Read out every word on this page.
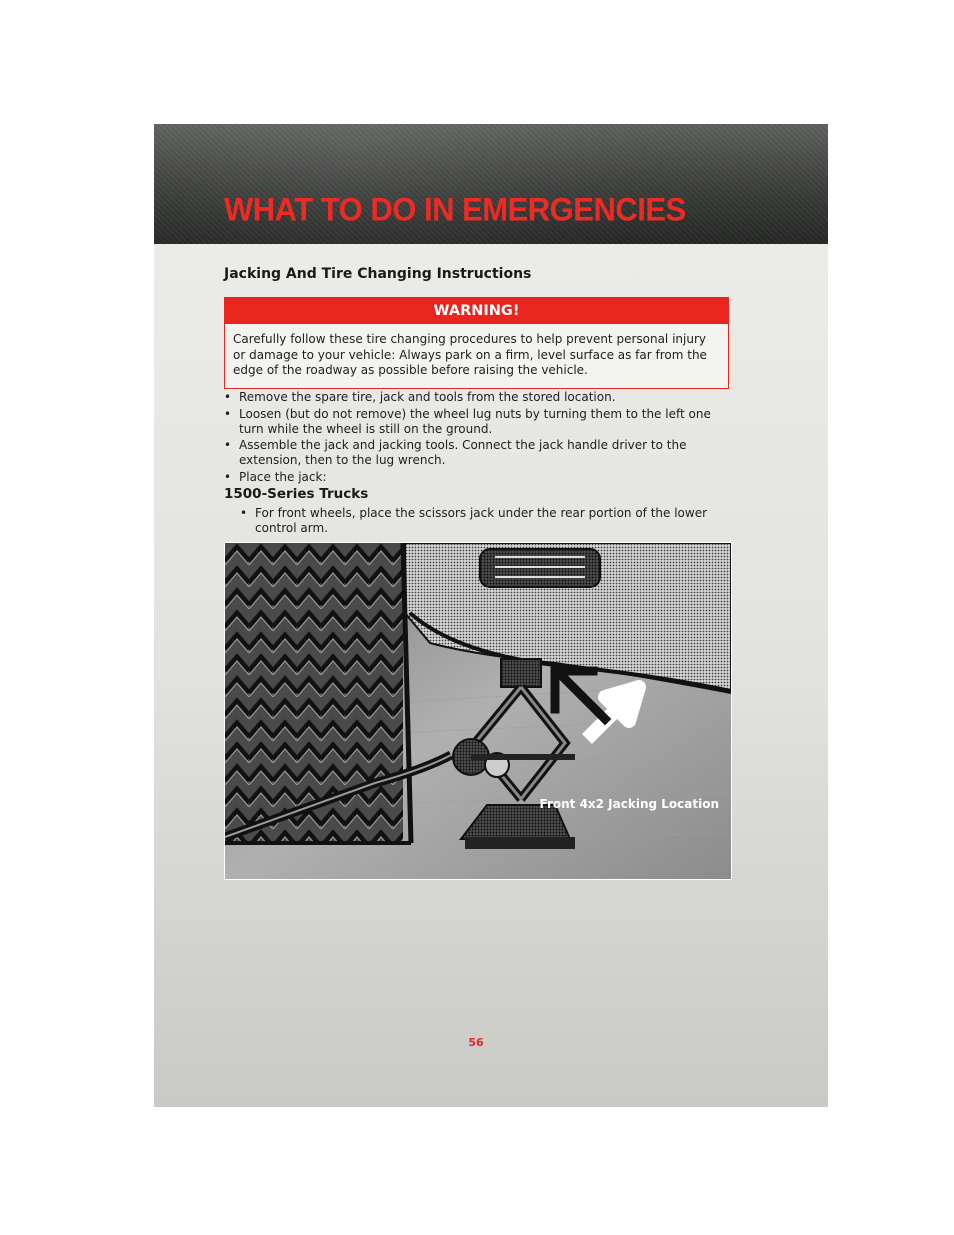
WHAT TO DO IN EMERGENCIES
Jacking And Tire Changing Instructions
WARNING!
Carefully follow these tire changing procedures to help prevent personal injury or damage to your vehicle: Always park on a firm, level surface as far from the edge of the roadway as possible before raising the vehicle.
• Remove the spare tire, jack and tools from the stored location.
• Loosen (but do not remove) the wheel lug nuts by turning them to the left one turn while the wheel is still on the ground.
• Assemble the jack and jacking tools. Connect the jack handle driver to the extension, then to the lug wrench.
• Place the jack:
1500-Series Trucks
• For front wheels, place the scissors jack under the rear portion of the lower control arm.
Front 4x2 Jacking Location
56
